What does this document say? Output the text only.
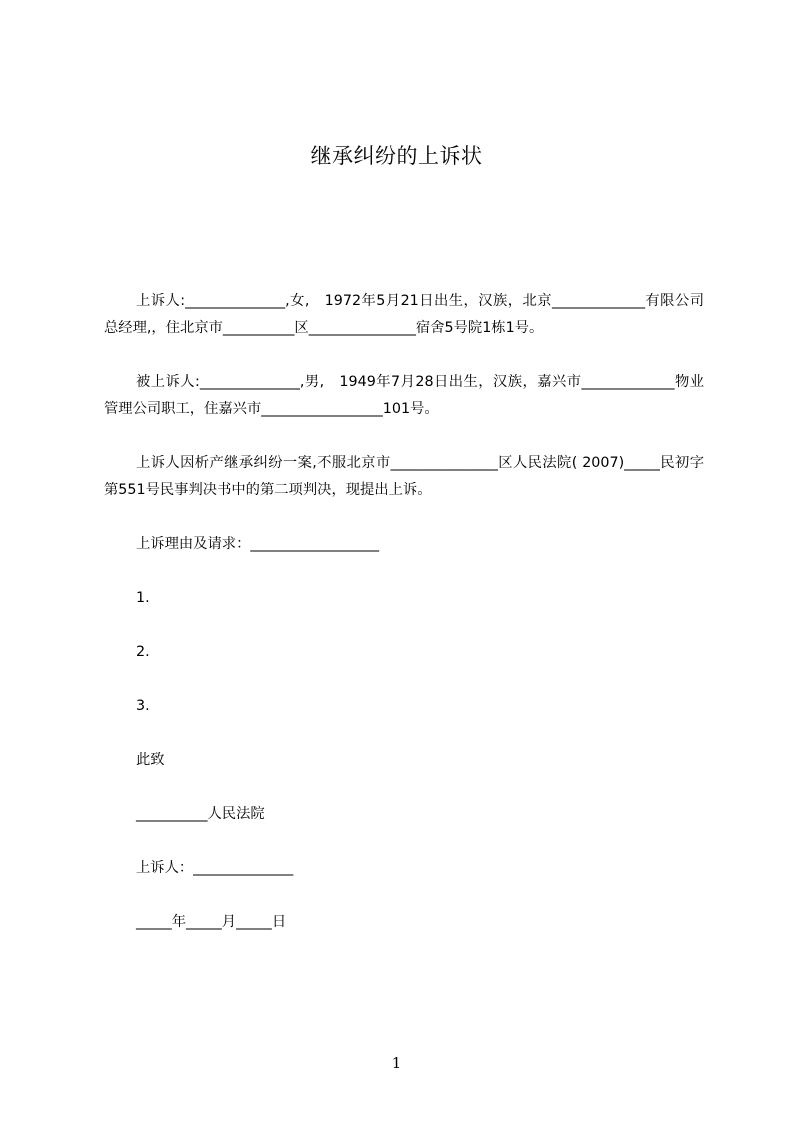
继承纠纷的上诉状

上诉人:______________,女,　1972年5月21日出生，汉族，北京_____________有限公司总经理,，住北京市__________区_______________宿舍5号院1栋1号。

被上诉人:______________,男,　1949年7月28日出生，汉族，嘉兴市_____________物业管理公司职工，住嘉兴市_________________101号。

上诉人因析产继承纠纷一案,不服北京市_______________区人民法院( 2007)_____民初字第551号民事判决书中的第二项判决，现提出上诉。

上诉理由及请求：__________________
1.
2.
3.
此致
__________人民法院
上诉人：______________
_____年_____月_____日
1
